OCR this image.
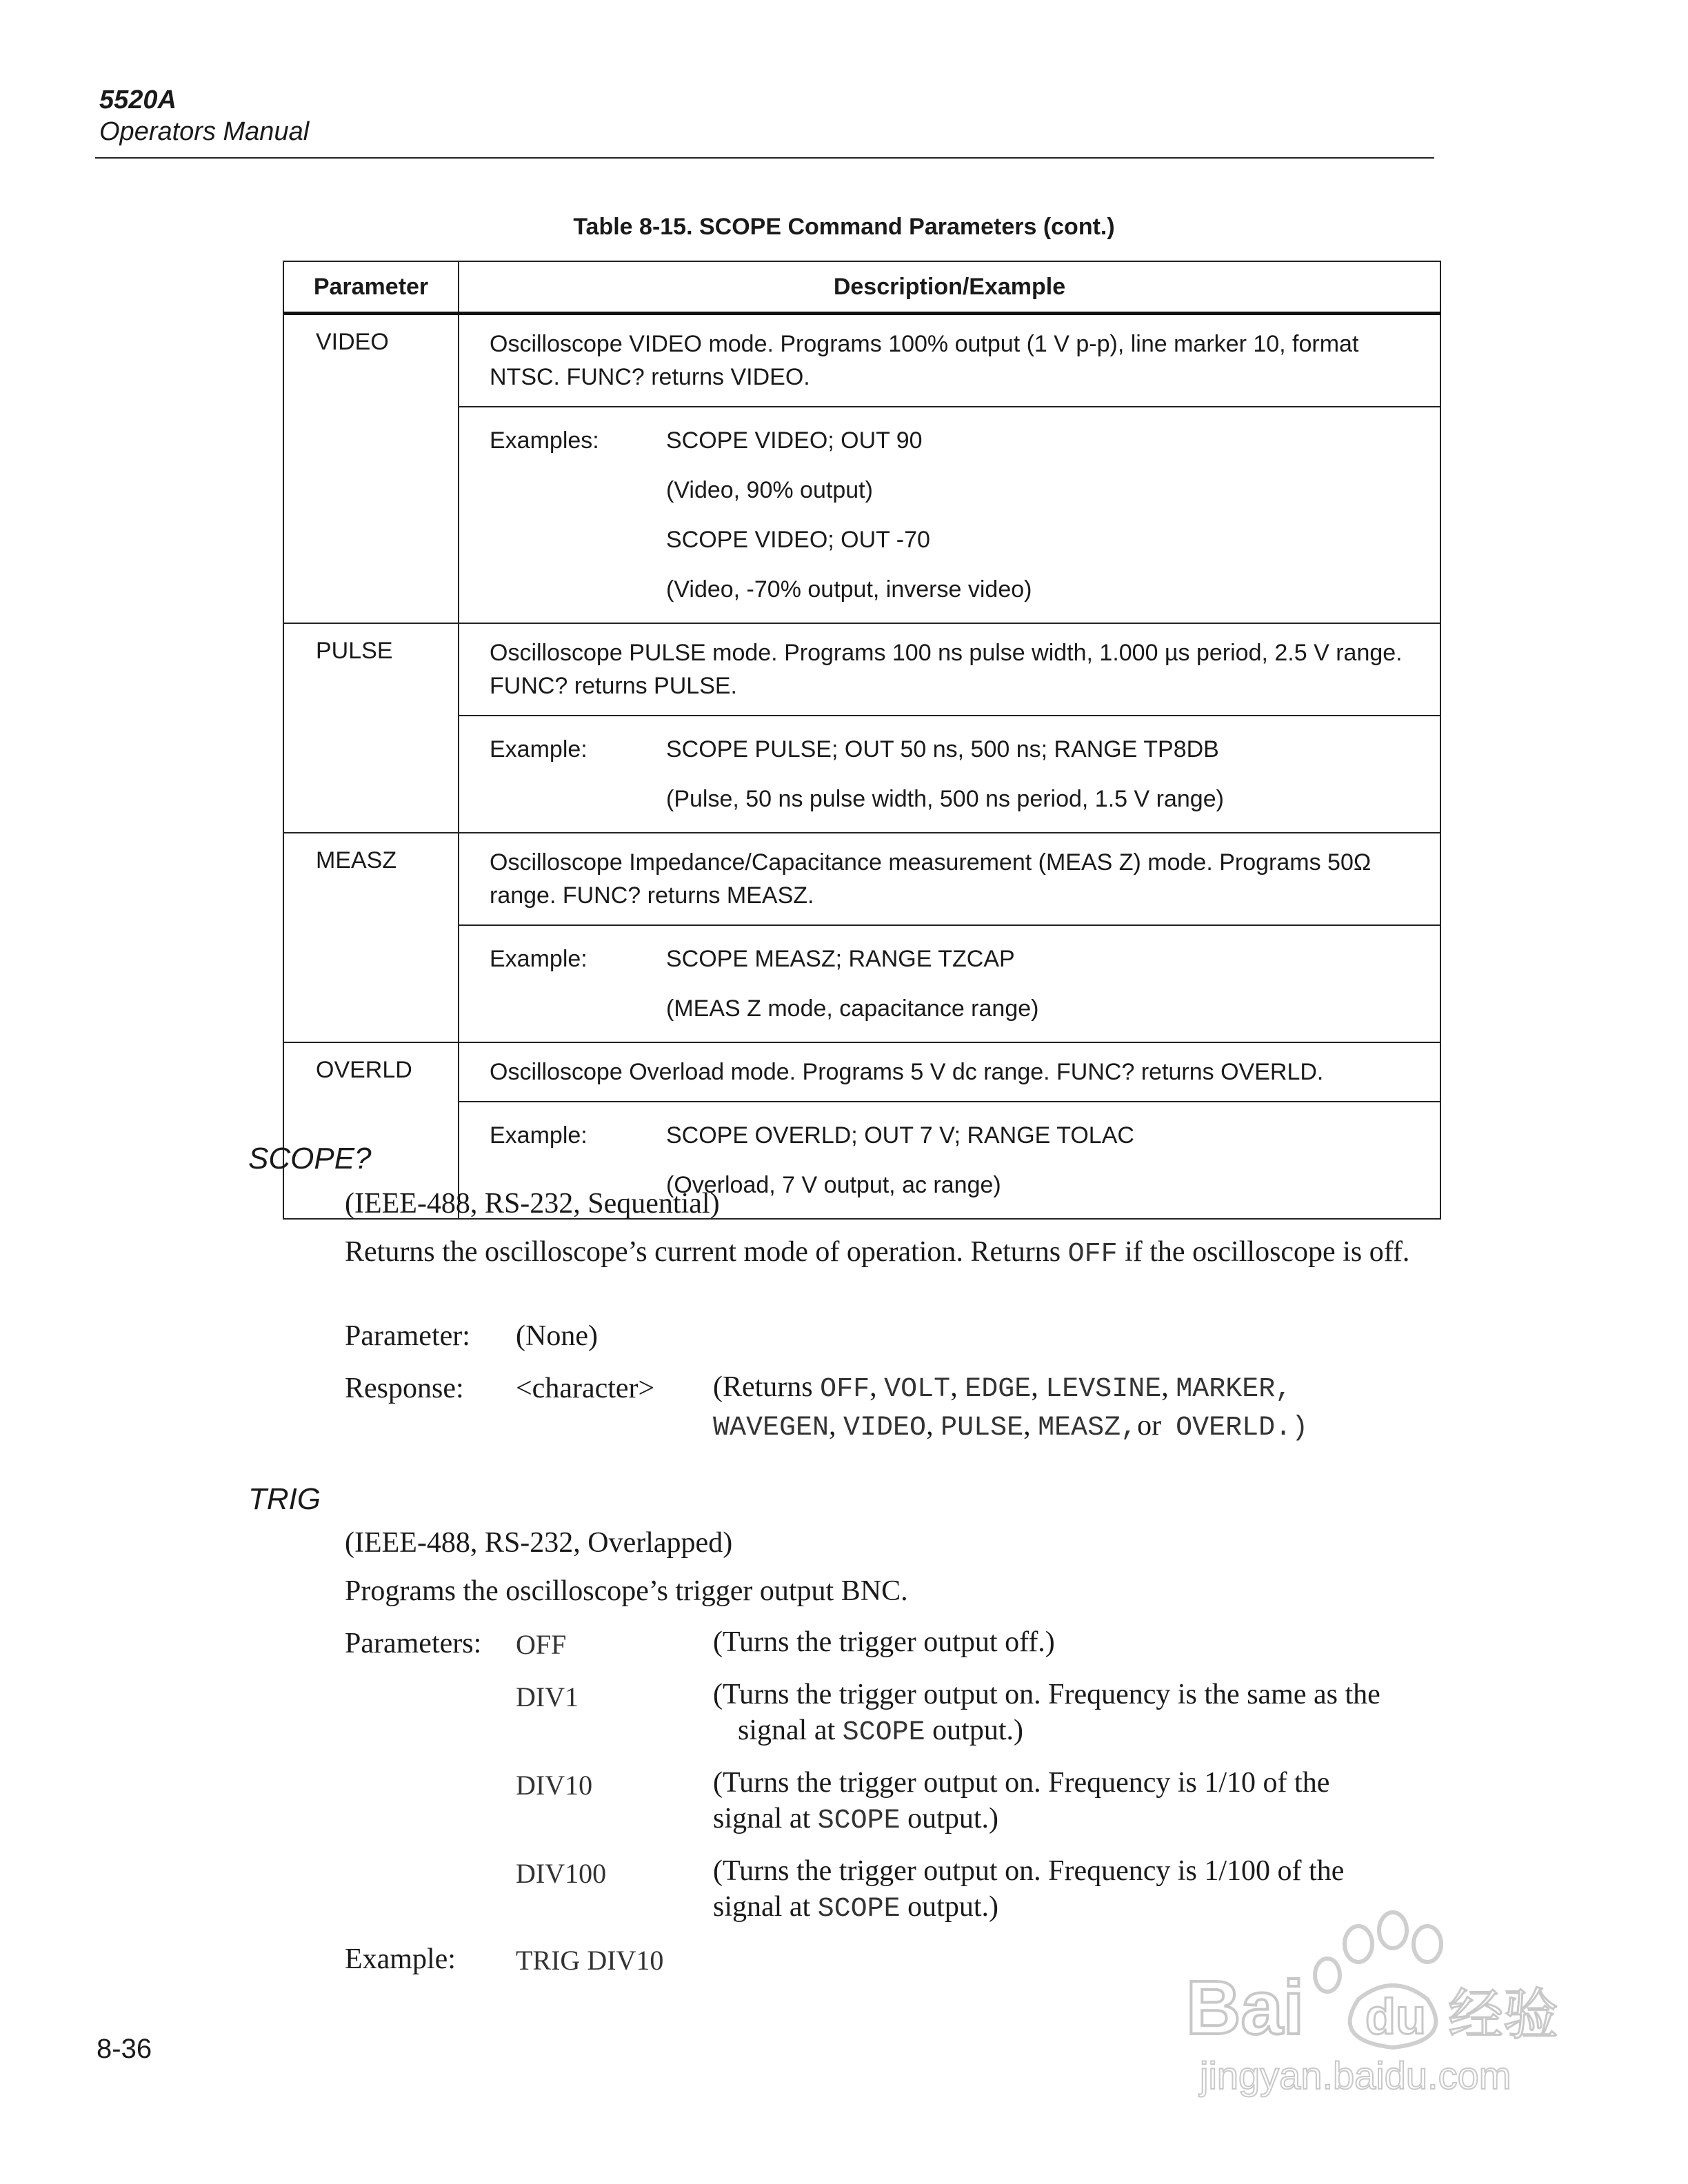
5520A
Operators Manual
Table 8-15. SCOPE Command Parameters (cont.)
Parameter	Description/Example
VIDEO	Oscilloscope VIDEO mode. Programs 100% output (1 V p-p), line marker 10, format NTSC. FUNC? returns VIDEO.

	Examples: SCOPE VIDEO; OUT 90
(Video, 90% output)
SCOPE VIDEO; OUT -70
(Video, -70% output, inverse video)

PULSE	Oscilloscope PULSE mode. Programs 100 ns pulse width, 1.000 µs period, 2.5 V range. FUNC? returns PULSE.

	Example: SCOPE PULSE; OUT 50 ns, 500 ns; RANGE TP8DB
(Pulse, 50 ns pulse width, 500 ns period, 1.5 V range)

MEASZ	Oscilloscope Impedance/Capacitance measurement (MEAS Z) mode. Programs 50Ω range. FUNC? returns MEASZ.

	Example: SCOPE MEASZ; RANGE TZCAP
(MEAS Z mode, capacitance range)

OVERLD	Oscilloscope Overload mode. Programs 5 V dc range. FUNC? returns OVERLD.

	Example: SCOPE OVERLD; OUT 7 V; RANGE TOLAC
(Overload, 7 V output, ac range)
SCOPE?
(IEEE-488, RS-232, Sequential)
Returns the oscilloscope’s current mode of operation. Returns OFF if the oscilloscope is off.
Parameter: (None)
Response: <character> (Returns OFF, VOLT, EDGE, LEVSINE, MARKER,
WAVEGEN, VIDEO, PULSE, MEASZ,or OVERLD.)
TRIG
(IEEE-488, RS-232, Overlapped)
Programs the oscilloscope’s trigger output BNC.
Parameters: OFF	(Turns the trigger output off.)
DIV1	(Turns the trigger output on. Frequency is the same as the
signal at SCOPE output.)
DIV10	(Turns the trigger output on. Frequency is 1/10 of the
signal at SCOPE output.)
DIV100	(Turns the trigger output on. Frequency is 1/100 of the
signal at SCOPE output.)
Example: TRIG DIV10
8-36	Bai du 经验
jingyan.baidu.com
